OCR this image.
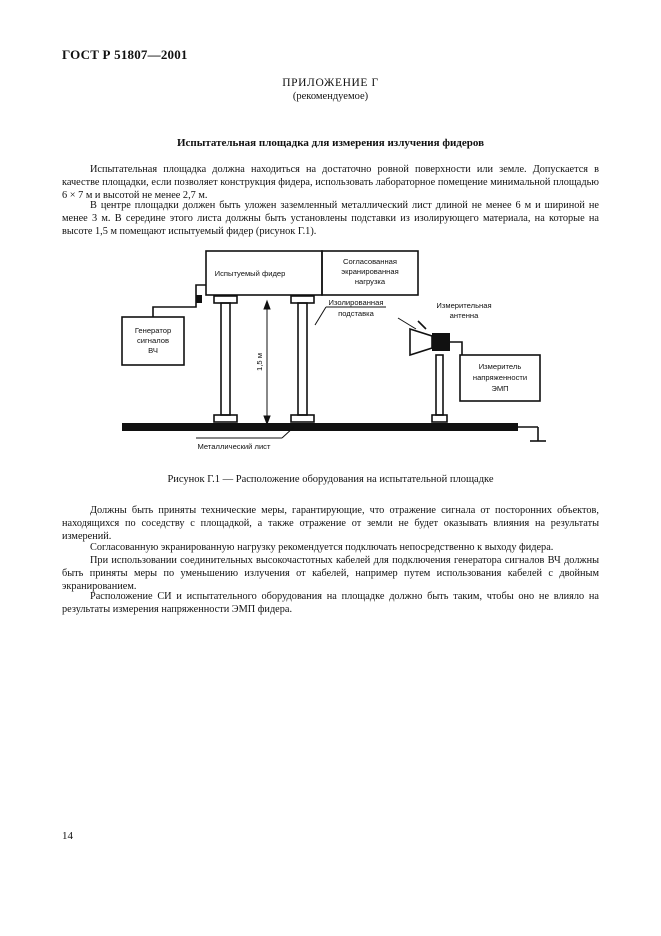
ГОСТ Р 51807—2001
ПРИЛОЖЕНИЕ Г
(рекомендуемое)
Испытательная площадка для измерения излучения фидеров

Испытательная площадка должна находиться на достаточно ровной поверхности или земле. Допускается в качестве площадки, если позволяет конструкция фидера, использовать лабораторное помещение минимальной площадью 6 × 7 м и высотой не менее 2,7 м.

В центре площадки должен быть уложен заземленный металлический лист длиной не менее 6 м и шириной не менее 3 м. В середине этого листа должны быть установлены подставки из изолирующего материала, на которые на высоте 1,5 м помещают испытуемый фидер (рисунок Г.1).

Испытуемый фидер
Согласованная
экранированная
нагрузка
Генератор
сигналов
ВЧ
Изолированная
подставка
Измерительная
антенна
Измеритель
напряженности
ЭМП
1,5 м
Металлический лист
Рисунок Г.1 — Расположение оборудования на испытательной площадке

Должны быть приняты технические меры, гарантирующие, что отражение сигнала от посторонних объектов, находящихся по соседству с площадкой, а также отражение от земли не будет оказывать влияния на результаты измерений.

Согласованную экранированную нагрузку рекомендуется подключать непосредственно к выходу фидера.

При использовании соединительных высокочастотных кабелей для подключения генератора сигналов ВЧ должны быть приняты меры по уменьшению излучения от кабелей, например путем использования кабелей с двойным экранированием.

Расположение СИ и испытательного оборудования на площадке должно быть таким, чтобы оно не влияло на результаты измерения напряженности ЭМП фидера.

14
